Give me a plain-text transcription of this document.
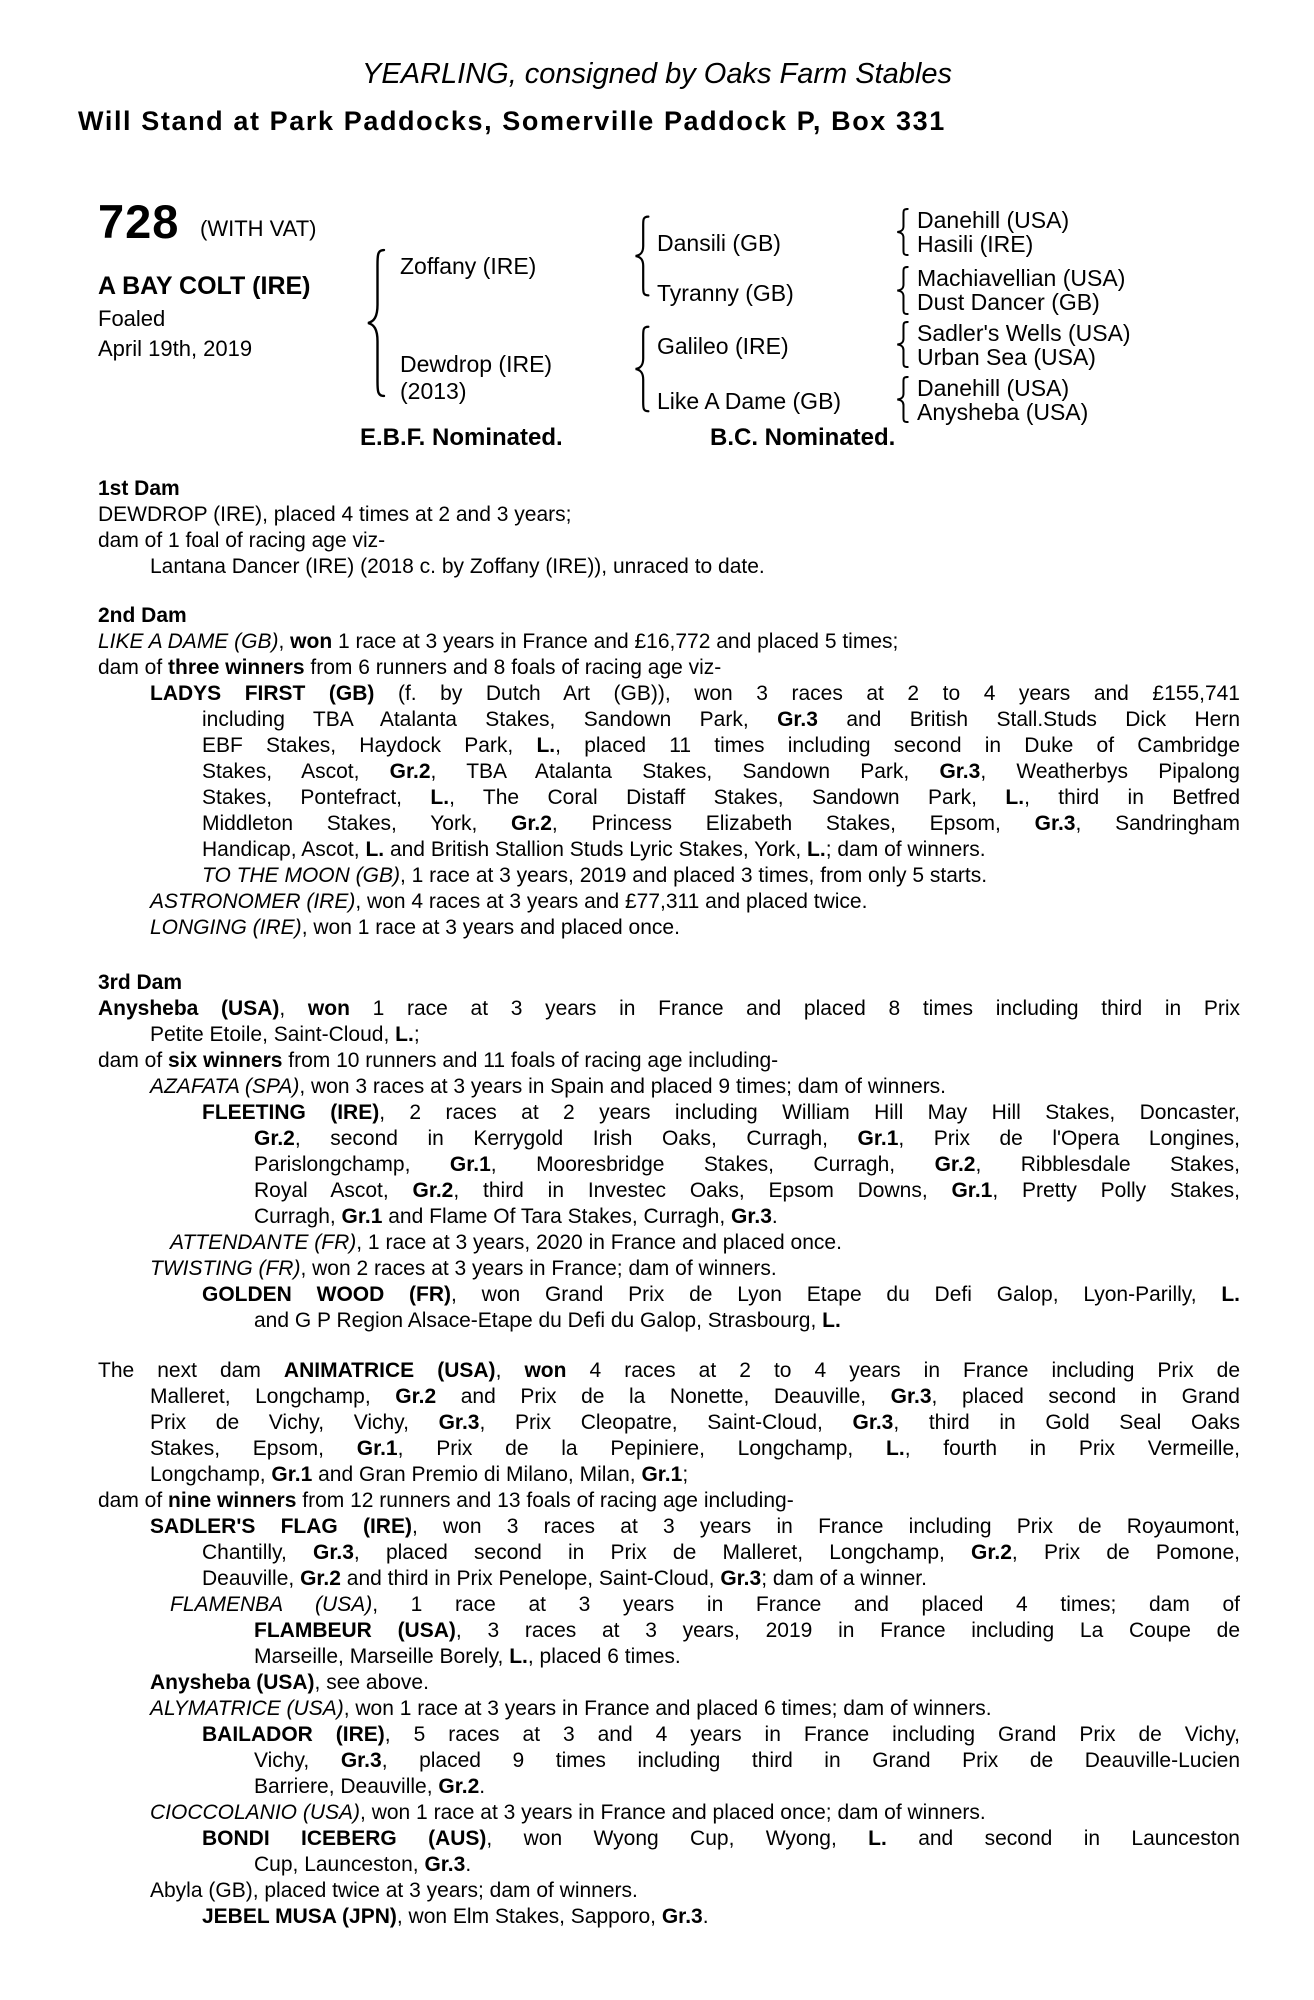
YEARLING, consigned by Oaks Farm Stables
Will Stand at Park Paddocks, Somerville Paddock P, Box 331
728 (WITH VAT)
A BAY COLT (IRE)
Foaled
April 19th, 2019
Zoffany (IRE)
Dewdrop (IRE)
(2013)
Dansili (GB)
Tyranny (GB)
Galileo (IRE)
Like A Dame (GB)
Danehill (USA)
Hasili (IRE)
Machiavellian (USA)
Dust Dancer (GB)
Sadler's Wells (USA)
Urban Sea (USA)
Danehill (USA)
Anysheba (USA)
E.B.F. Nominated.	B.C. Nominated.
1st Dam
DEWDROP (IRE), placed 4 times at 2 and 3 years;
dam of 1 foal of racing age viz-
Lantana Dancer (IRE) (2018 c. by Zoffany (IRE)), unraced to date.
2nd Dam
LIKE A DAME (GB), won 1 race at 3 years in France and £16,772 and placed 5 times;
dam of three winners from 6 runners and 8 foals of racing age viz-
LADYS FIRST (GB) (f. by Dutch Art (GB)), won 3 races at 2 to 4 years and £155,741
including TBA Atalanta Stakes, Sandown Park, Gr.3 and British Stall.Studs Dick Hern
EBF Stakes, Haydock Park, L., placed 11 times including second in Duke of Cambridge
Stakes, Ascot, Gr.2, TBA Atalanta Stakes, Sandown Park, Gr.3, Weatherbys Pipalong
Stakes, Pontefract, L., The Coral Distaff Stakes, Sandown Park, L., third in Betfred
Middleton Stakes, York, Gr.2, Princess Elizabeth Stakes, Epsom, Gr.3, Sandringham
Handicap, Ascot, L. and British Stallion Studs Lyric Stakes, York, L.; dam of winners.
TO THE MOON (GB), 1 race at 3 years, 2019 and placed 3 times, from only 5 starts.
ASTRONOMER (IRE), won 4 races at 3 years and £77,311 and placed twice.
LONGING (IRE), won 1 race at 3 years and placed once.
3rd Dam
Anysheba (USA), won 1 race at 3 years in France and placed 8 times including third in Prix
Petite Etoile, Saint-Cloud, L.;
dam of six winners from 10 runners and 11 foals of racing age including-
AZAFATA (SPA), won 3 races at 3 years in Spain and placed 9 times; dam of winners.
FLEETING (IRE), 2 races at 2 years including William Hill May Hill Stakes, Doncaster,
Gr.2, second in Kerrygold Irish Oaks, Curragh, Gr.1, Prix de l'Opera Longines,
Parislongchamp, Gr.1, Mooresbridge Stakes, Curragh, Gr.2, Ribblesdale Stakes,
Royal Ascot, Gr.2, third in Investec Oaks, Epsom Downs, Gr.1, Pretty Polly Stakes,
Curragh, Gr.1 and Flame Of Tara Stakes, Curragh, Gr.3.
ATTENDANTE (FR), 1 race at 3 years, 2020 in France and placed once.
TWISTING (FR), won 2 races at 3 years in France; dam of winners.
GOLDEN WOOD (FR), won Grand Prix de Lyon Etape du Defi Galop, Lyon-Parilly, L.
and G P Region Alsace-Etape du Defi du Galop, Strasbourg, L.
The next dam ANIMATRICE (USA), won 4 races at 2 to 4 years in France including Prix de
Malleret, Longchamp, Gr.2 and Prix de la Nonette, Deauville, Gr.3, placed second in Grand
Prix de Vichy, Vichy, Gr.3, Prix Cleopatre, Saint-Cloud, Gr.3, third in Gold Seal Oaks
Stakes, Epsom, Gr.1, Prix de la Pepiniere, Longchamp, L., fourth in Prix Vermeille,
Longchamp, Gr.1 and Gran Premio di Milano, Milan, Gr.1;
dam of nine winners from 12 runners and 13 foals of racing age including-
SADLER'S FLAG (IRE), won 3 races at 3 years in France including Prix de Royaumont,
Chantilly, Gr.3, placed second in Prix de Malleret, Longchamp, Gr.2, Prix de Pomone,
Deauville, Gr.2 and third in Prix Penelope, Saint-Cloud, Gr.3; dam of a winner.
FLAMENBA (USA), 1 race at 3 years in France and placed 4 times; dam of
FLAMBEUR (USA), 3 races at 3 years, 2019 in France including La Coupe de
Marseille, Marseille Borely, L., placed 6 times.
Anysheba (USA), see above.
ALYMATRICE (USA), won 1 race at 3 years in France and placed 6 times; dam of winners.
BAILADOR (IRE), 5 races at 3 and 4 years in France including Grand Prix de Vichy,
Vichy, Gr.3, placed 9 times including third in Grand Prix de Deauville-Lucien
Barriere, Deauville, Gr.2.
CIOCCOLANIO (USA), won 1 race at 3 years in France and placed once; dam of winners.
BONDI ICEBERG (AUS), won Wyong Cup, Wyong, L. and second in Launceston
Cup, Launceston, Gr.3.
Abyla (GB), placed twice at 3 years; dam of winners.
JEBEL MUSA (JPN), won Elm Stakes, Sapporo, Gr.3.
